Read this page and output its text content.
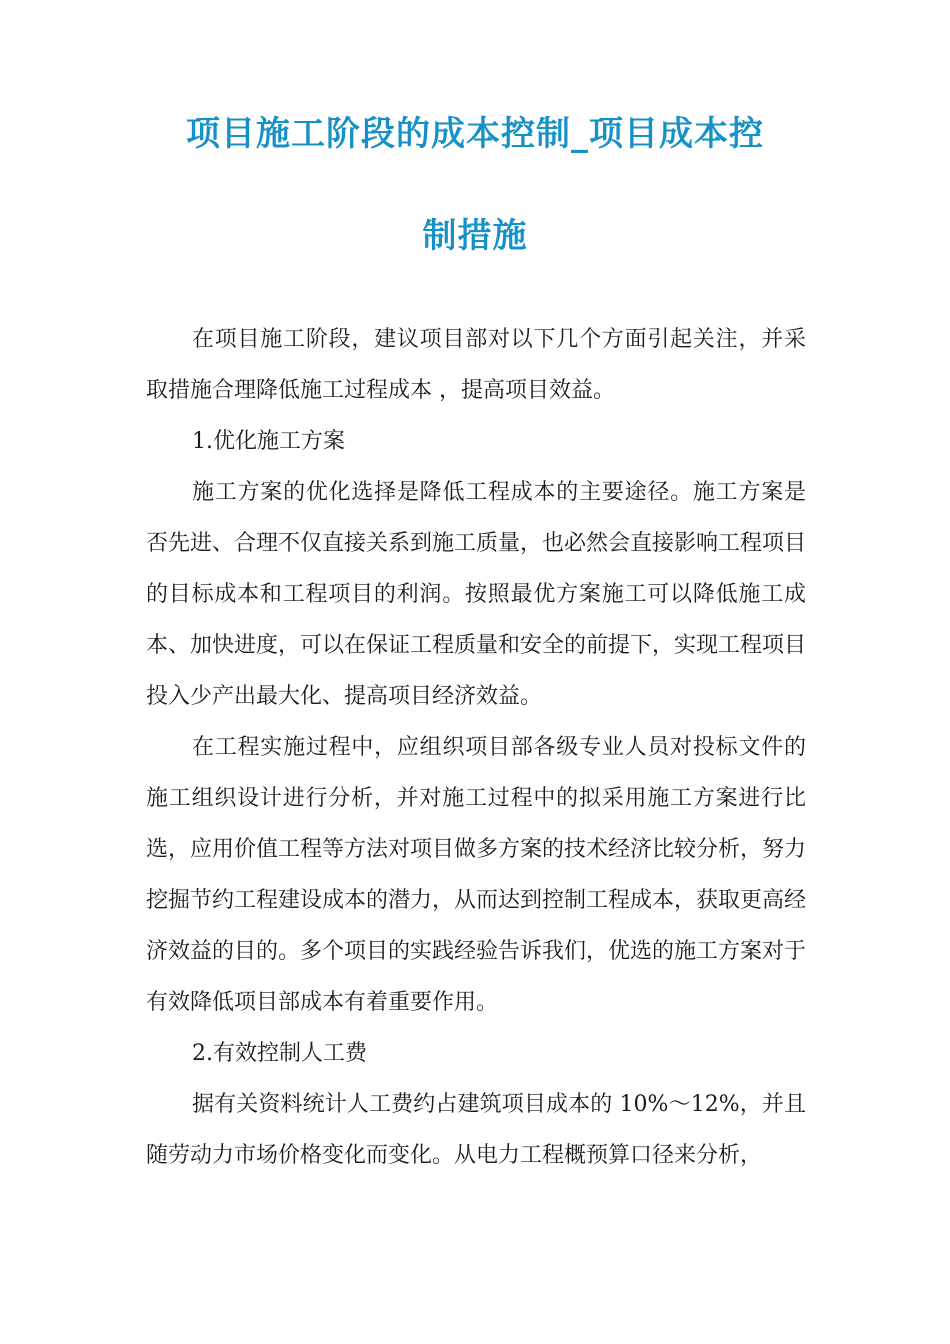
项目施工阶段的成本控制_项目成本控
制措施

在项目施工阶段，建议项目部对以下几个方面引起关注，并采取措施合理降低施工过程成本 ，提高项目效益。

1.优化施工方案

施工方案的优化选择是降低工程成本的主要途径。施工方案是否先进、合理不仅直接关系到施工质量，也必然会直接影响工程项目的目标成本和工程项目的利润。按照最优方案施工可以降低施工成本、加快进度，可以在保证工程质量和安全的前提下，实现工程项目投入少产出最大化、提高项目经济效益。

在工程实施过程中，应组织项目部各级专业人员对投标文件的施工组织设计进行分析，并对施工过程中的拟采用施工方案进行比选，应用价值工程等方法对项目做多方案的技术经济比较分析，努力挖掘节约工程建设成本的潜力，从而达到控制工程成本，获取更高经济效益的目的。多个项目的实践经验告诉我们，优选的施工方案对于有效降低项目部成本有着重要作用。

2.有效控制人工费

据有关资料统计人工费约占建筑项目成本的 10%～12%，并且随劳动力市场价格变化而变化。从电力工程概预算口径来分析，
